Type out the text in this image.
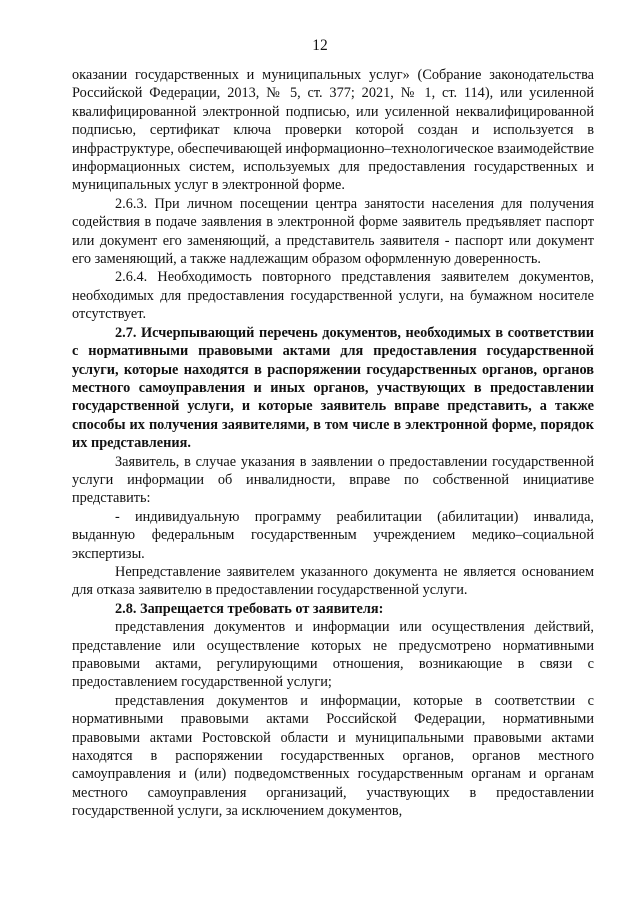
12

оказании государственных и муниципальных услуг» (Собрание законодательства Российской Федерации, 2013, № 5, ст. 377; 2021, № 1, ст. 114), или усиленной квалифицированной электронной подписью, или усиленной неквалифицированной подписью, сертификат ключа проверки которой создан и используется в инфраструктуре, обеспечивающей информационно–технологическое взаимодействие информационных систем, используемых для предоставления государственных и муниципальных услуг в электронной форме.

2.6.3. При личном посещении центра занятости населения для получения содействия в подаче заявления в электронной форме заявитель предъявляет паспорт или документ его заменяющий, а представитель заявителя - паспорт или документ его заменяющий, а также надлежащим образом оформленную доверенность.

2.6.4. Необходимость повторного представления заявителем документов, необходимых для предоставления государственной услуги, на бумажном носителе отсутствует.

2.7. Исчерпывающий перечень документов, необходимых в соответствии с нормативными правовыми актами для предоставления государственной услуги, которые находятся в распоряжении государственных органов, органов местного самоуправления и иных органов, участвующих в предоставлении государственной услуги, и которые заявитель вправе представить, а также способы их получения заявителями, в том числе в электронной форме, порядок их представления.

Заявитель, в случае указания в заявлении о предоставлении государственной услуги информации об инвалидности, вправе по собственной инициативе представить:

- индивидуальную программу реабилитации (абилитации) инвалида, выданную федеральным государственным учреждением медико–социальной экспертизы.

Непредставление заявителем указанного документа не является основанием для отказа заявителю в предоставлении государственной услуги.

2.8. Запрещается требовать от заявителя:

представления документов и информации или осуществления действий, представление или осуществление которых не предусмотрено нормативными правовыми актами, регулирующими отношения, возникающие в связи с предоставлением государственной услуги;

представления документов и информации, которые в соответствии с нормативными правовыми актами Российской Федерации, нормативными правовыми актами Ростовской области и муниципальными правовыми актами находятся в распоряжении государственных органов, органов местного самоуправления и (или) подведомственных государственным органам и органам местного самоуправления организаций, участвующих в предоставлении государственной услуги, за исключением документов,
